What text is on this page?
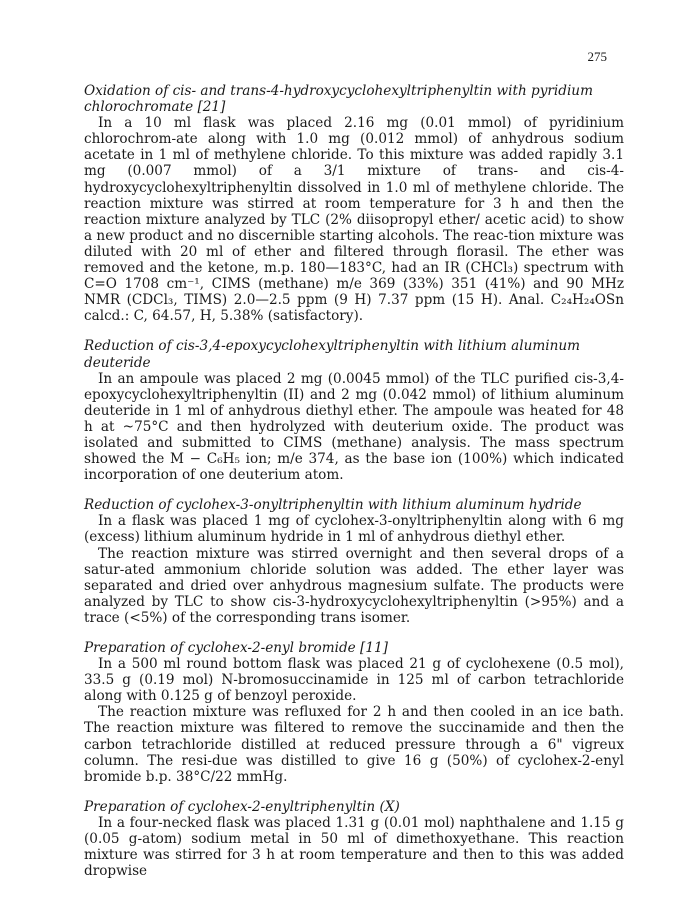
275

Oxidation of cis- and trans-4-hydroxycyclohexyltriphenyltin with pyridium chlorochromate [21]

In a 10 ml flask was placed 2.16 mg (0.01 mmol) of pyridinium chlorochrom-ate along with 1.0 mg (0.012 mmol) of anhydrous sodium acetate in 1 ml of methylene chloride. To this mixture was added rapidly 3.1 mg (0.007 mmol) of a 3/1 mixture of trans- and cis-4-hydroxycyclohexyltriphenyltin dissolved in 1.0 ml of methylene chloride. The reaction mixture was stirred at room temperature for 3 h and then the reaction mixture analyzed by TLC (2% diisopropyl ether/ acetic acid) to show a new product and no discernible starting alcohols. The reac-tion mixture was diluted with 20 ml of ether and filtered through florasil. The ether was removed and the ketone, m.p. 180—183°C, had an IR (CHCl₃) spectrum with C=O 1708 cm⁻¹, CIMS (methane) m/e 369 (33%) 351 (41%) and 90 MHz NMR (CDCl₃, TIMS) 2.0—2.5 ppm (9 H) 7.37 ppm (15 H). Anal. C₂₄H₂₄OSn calcd.: C, 64.57, H, 5.38% (satisfactory).

Reduction of cis-3,4-epoxycyclohexyltriphenyltin with lithium aluminum deuteride

In an ampoule was placed 2 mg (0.0045 mmol) of the TLC purified cis-3,4-epoxycyclohexyltriphenyltin (II) and 2 mg (0.042 mmol) of lithium aluminum deuteride in 1 ml of anhydrous diethyl ether. The ampoule was heated for 48 h at ~75°C and then hydrolyzed with deuterium oxide. The product was isolated and submitted to CIMS (methane) analysis. The mass spectrum showed the M − C₆H₅ ion; m/e 374, as the base ion (100%) which indicated incorporation of one deuterium atom.

Reduction of cyclohex-3-onyltriphenyltin with lithium aluminum hydride

In a flask was placed 1 mg of cyclohex-3-onyltriphenyltin along with 6 mg (excess) lithium aluminum hydride in 1 ml of anhydrous diethyl ether.

The reaction mixture was stirred overnight and then several drops of a satur-ated ammonium chloride solution was added. The ether layer was separated and dried over anhydrous magnesium sulfate. The products were analyzed by TLC to show cis-3-hydroxycyclohexyltriphenyltin (>95%) and a trace (<5%) of the corresponding trans isomer.

Preparation of cyclohex-2-enyl bromide [11]

In a 500 ml round bottom flask was placed 21 g of cyclohexene (0.5 mol), 33.5 g (0.19 mol) N-bromosuccinamide in 125 ml of carbon tetrachloride along with 0.125 g of benzoyl peroxide.

The reaction mixture was refluxed for 2 h and then cooled in an ice bath. The reaction mixture was filtered to remove the succinamide and then the carbon tetrachloride distilled at reduced pressure through a 6" vigreux column. The resi-due was distilled to give 16 g (50%) of cyclohex-2-enyl bromide b.p. 38°C/22 mmHg.

Preparation of cyclohex-2-enyltriphenyltin (X)

In a four-necked flask was placed 1.31 g (0.01 mol) naphthalene and 1.15 g (0.05 g-atom) sodium metal in 50 ml of dimethoxyethane. This reaction mixture was stirred for 3 h at room temperature and then to this was added dropwise
